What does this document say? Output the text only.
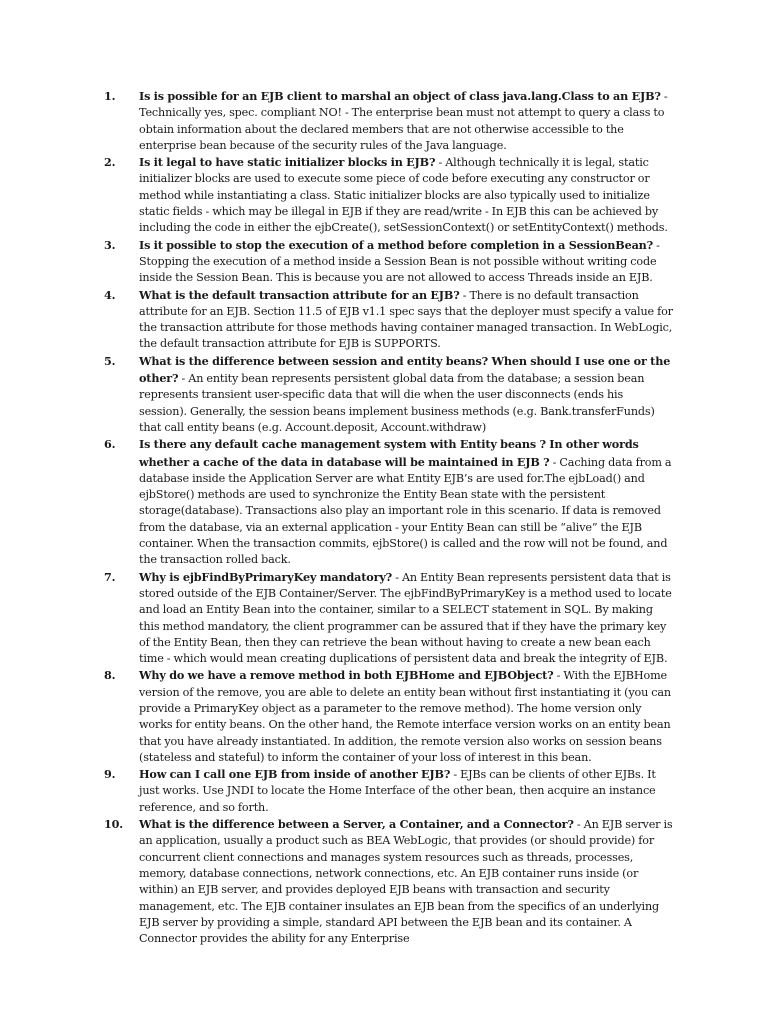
1.	Is is possible for an EJB client to marshal an object of class java.lang.Class to an EJB? - Technically yes, spec. compliant NO! - The enterprise bean must not attempt to query a class to obtain information about the declared members that are not otherwise accessible to the enterprise bean because of the security rules of the Java language.
2.	Is it legal to have static initializer blocks in EJB? - Although technically it is legal, static initializer blocks are used to execute some piece of code before executing any constructor or method while instantiating a class. Static initializer blocks are also typically used to initialize static fields - which may be illegal in EJB if they are read/write - In EJB this can be achieved by including the code in either the ejbCreate(), setSessionContext() or setEntityContext() methods.
3.	Is it possible to stop the execution of a method before completion in a SessionBean? - Stopping the execution of a method inside a Session Bean is not possible without writing code inside the Session Bean. This is because you are not allowed to access Threads inside an EJB.
4.	What is the default transaction attribute for an EJB? - There is no default transaction attribute for an EJB. Section 11.5 of EJB v1.1 spec says that the deployer must specify a value for the transaction attribute for those methods having container managed transaction. In WebLogic, the default transaction attribute for EJB is SUPPORTS.
5.	What is the difference between session and entity beans? When should I use one or the other? - An entity bean represents persistent global data from the database; a session bean represents transient user-specific data that will die when the user disconnects (ends his session). Generally, the session beans implement business methods (e.g. Bank.transferFunds) that call entity beans (e.g. Account.deposit, Account.withdraw)
6.	Is there any default cache management system with Entity beans ? In other words whether a cache of the data in database will be maintained in EJB ? - Caching data from a database inside the Application Server are what Entity EJB’s are used for.The ejbLoad() and ejbStore() methods are used to synchronize the Entity Bean state with the persistent storage(database). Transactions also play an important role in this scenario. If data is removed from the database, via an external application - your Entity Bean can still be “alive” the EJB container. When the transaction commits, ejbStore() is called and the row will not be found, and the transaction rolled back.
7.	Why is ejbFindByPrimaryKey mandatory? - An Entity Bean represents persistent data that is stored outside of the EJB Container/Server. The ejbFindByPrimaryKey is a method used to locate and load an Entity Bean into the container, similar to a SELECT statement in SQL. By making this method mandatory, the client programmer can be assured that if they have the primary key of the Entity Bean, then they can retrieve the bean without having to create a new bean each time - which would mean creating duplications of persistent data and break the integrity of EJB.
8.	Why do we have a remove method in both EJBHome and EJBObject? - With the EJBHome version of the remove, you are able to delete an entity bean without first instantiating it (you can provide a PrimaryKey object as a parameter to the remove method). The home version only works for entity beans. On the other hand, the Remote interface version works on an entity bean that you have already instantiated. In addition, the remote version also works on session beans (stateless and stateful) to inform the container of your loss of interest in this bean.
9.	How can I call one EJB from inside of another EJB? - EJBs can be clients of other EJBs. It just works. Use JNDI to locate the Home Interface of the other bean, then acquire an instance reference, and so forth.
10.	What is the difference between a Server, a Container, and a Connector? - An EJB server is an application, usually a product such as BEA WebLogic, that provides (or should provide) for concurrent client connections and manages system resources such as threads, processes, memory, database connections, network connections, etc. An EJB container runs inside (or within) an EJB server, and provides deployed EJB beans with transaction and security management, etc. The EJB container insulates an EJB bean from the specifics of an underlying EJB server by providing a simple, standard API between the EJB bean and its container. A Connector provides the ability for any Enterprise
